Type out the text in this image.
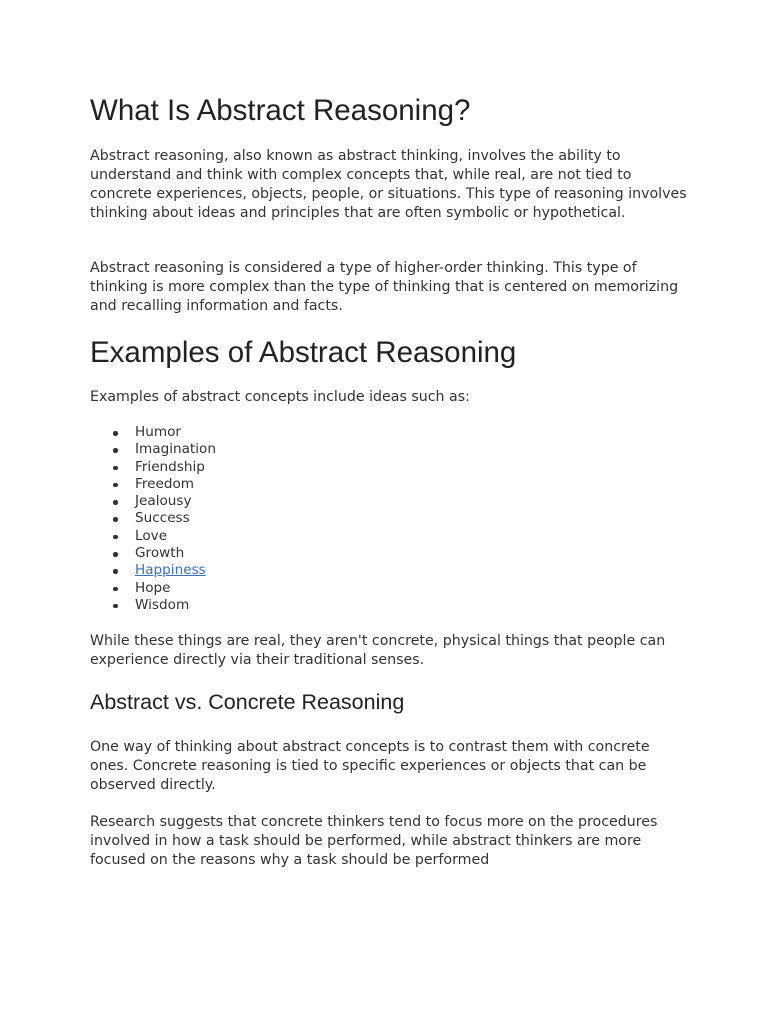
What Is Abstract Reasoning?

Abstract reasoning, also known as abstract thinking, involves the ability to understand and think with complex concepts that, while real, are not tied to concrete experiences, objects, people, or situations. This type of reasoning involves thinking about ideas and principles that are often symbolic or hypothetical.

Abstract reasoning is considered a type of higher-order thinking. This type of thinking is more complex than the type of thinking that is centered on memorizing and recalling information and facts.

Examples of Abstract Reasoning

Examples of abstract concepts include ideas such as:

Humor
Imagination
Friendship
Freedom
Jealousy
Success
Love
Growth
Happiness
Hope
Wisdom

While these things are real, they aren't concrete, physical things that people can experience directly via their traditional senses.

Abstract vs. Concrete Reasoning

One way of thinking about abstract concepts is to contrast them with concrete ones. Concrete reasoning is tied to specific experiences or objects that can be observed directly.

Research suggests that concrete thinkers tend to focus more on the procedures involved in how a task should be performed, while abstract thinkers are more focused on the reasons why a task should be performed
